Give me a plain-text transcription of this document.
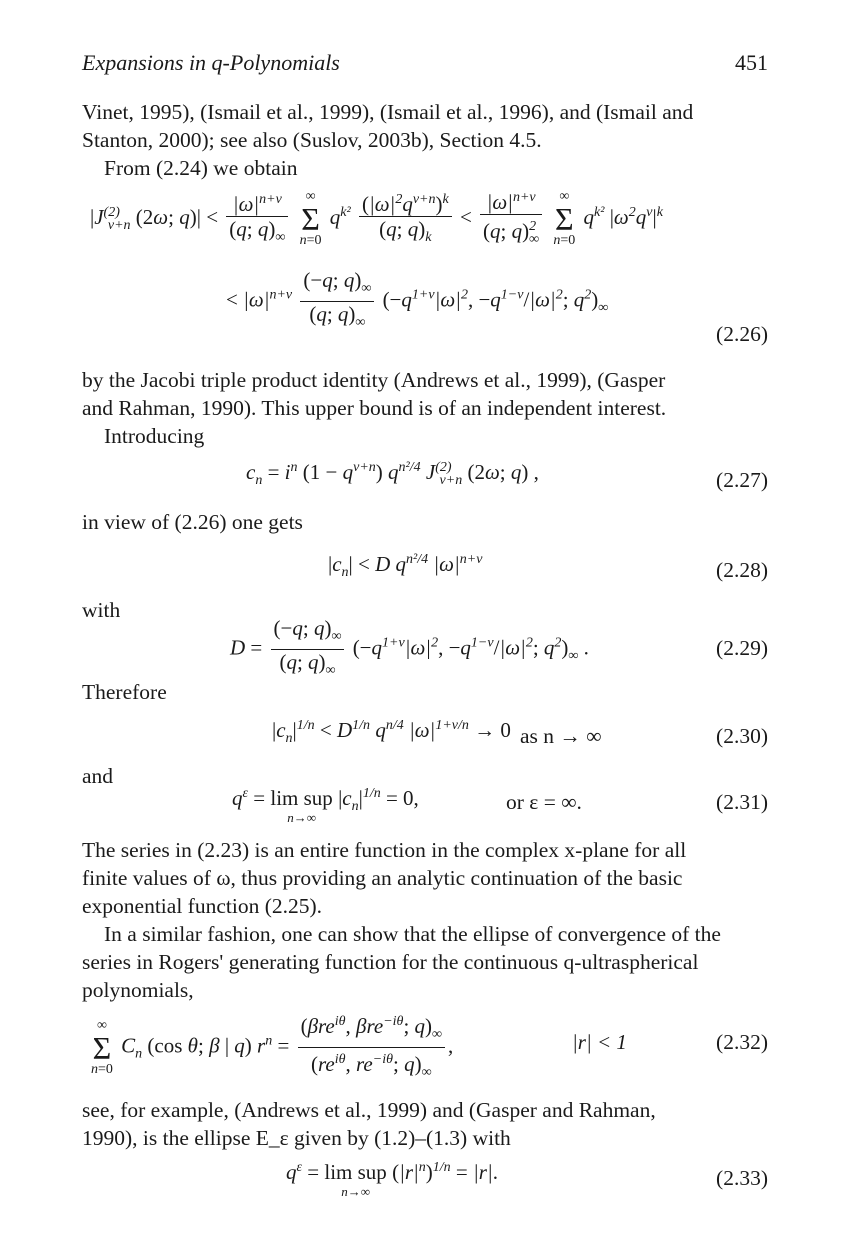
Expansions in q-Polynomials	451
Vinet, 1995), (Ismail et al., 1999), (Ismail et al., 1996), and (Ismail and
Stanton, 2000); see also (Suslov, 2003b), Section 4.5.
From (2.24) we obtain
$|J^{(2)}_{\nu+n}$ (2ω; $q)| < \frac{|\omega|^{n+\nu}}{(q; q)_\infty}$
	∞
Σ
n=0
$q^{k^2} \frac{(|\omega|^2q^{\nu+n})^k}{(q; q)_k} < \frac{|\omega|^{n+\nu}}{(q; q)^2_\infty}$
	∞
Σ
n=0
$q^{k^2}$ $|\omega^2q^\nu|^k$
< $|\omega|^{n+\nu} \frac{(-q; q)_\infty}{(q; q)_\infty} (-q^{1+\nu}|\omega|^2$, $-q^{1-\nu}/|\omega|^2$; $q^2)_\infty$
(2.26)
by the Jacobi triple product identity (Andrews et al., 1999), (Gasper
and Rahman, 1990). This upper bound is of an independent interest.
Introducing
$c_n = i^n$ $(1 - q^{\nu+n})$ $q^{n^2/4}$ $J^{(2)}_{\nu+n}$ (2ω; q) ,	(2.27)
in view of (2.26) one gets
$|c_n| < D$ $q^{n^2/4}$ $|\omega|^{n+\nu}$	(2.28)
with
$D = \frac{(-q; q)_\infty}{(q; q)_\infty} (-q^{1+\nu}|\omega|^2$, $-q^{1-\nu}/|\omega|^2$; $q^2)_\infty$ .	(2.29)
Therefore
$|c_n|^{1/n} < D^{1/n}$ $q^{n/4}$ $|\omega|^{1+\nu/n} \to 0$ as n → ∞	(2.30)
and
$q^\varepsilon = \lim$ sup
n→∞
$|c_n|^{1/n} = 0$,	or ε = ∞.	(2.31)
The series in (2.23) is an entire function in the complex x-plane for all
finite values of ω, thus providing an analytic continuation of the basic
exponential function (2.25).
In a similar fashion, one can show that the ellipse of convergence of the
series in Rogers' generating function for the continuous q-ultraspherical
polynomials,
∞
Σ
n=0
$C_n$ (cos θ; β | q) $r^n = \frac{(\beta re^{i\theta}, \beta re^{-i\theta}; q)_\infty}{(re^{i\theta}, re^{-i\theta}; q)_\infty}$ ,	|r| < 1	(2.32)
see, for example, (Andrews et al., 1999) and (Gasper and Rahman,
1990), is the ellipse E_ε given by (1.2)–(1.3) with
$q^\varepsilon = \lim$ sup
n→∞
$(|r|^n)^{1/n} = |r|$.	(2.33)
